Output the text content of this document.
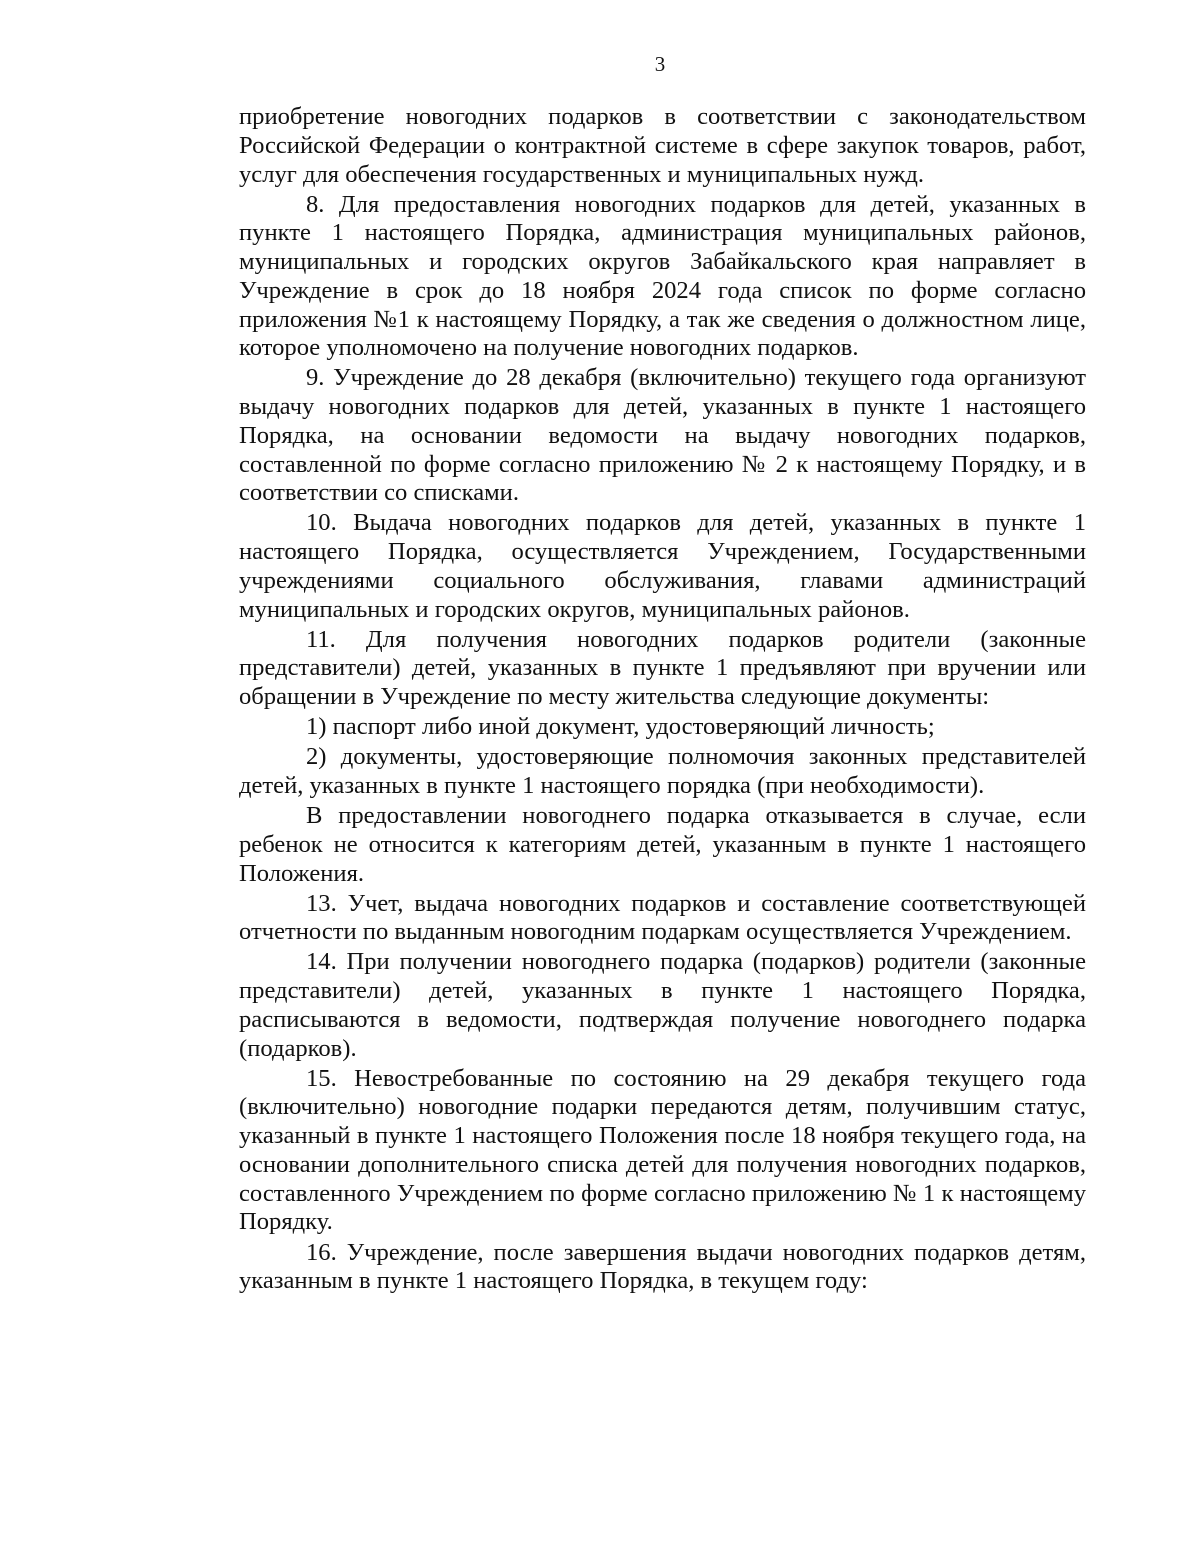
3

приобретение новогодних подарков в соответствии с законодательством Российской Федерации о контрактной системе в сфере закупок товаров, работ, услуг для обеспечения государственных и муниципальных нужд.

8. Для предоставления новогодних подарков для детей, указанных в пункте 1 настоящего Порядка, администрация муниципальных районов, муниципальных и городских округов Забайкальского края направляет в Учреждение в срок до 18 ноября 2024 года список по форме согласно приложения №1 к настоящему Порядку, а так же сведения о должностном лице, которое уполномочено на получение новогодних подарков.

9. Учреждение до 28 декабря (включительно) текущего года организуют выдачу новогодних подарков для детей, указанных в пункте 1 настоящего Порядка, на основании ведомости на выдачу новогодних подарков, составленной по форме согласно приложению № 2 к настоящему Порядку, и в соответствии со списками.

10. Выдача новогодних подарков для детей, указанных в пункте 1 настоящего Порядка, осуществляется Учреждением, Государственными учреждениями социального обслуживания, главами администраций муниципальных и городских округов, муниципальных районов.

11. Для получения новогодних подарков родители (законные представители) детей, указанных в пункте 1 предъявляют при вручении или обращении в Учреждение по месту жительства следующие документы:

1) паспорт либо иной документ, удостоверяющий личность;

2) документы, удостоверяющие полномочия законных представителей детей, указанных в пункте 1 настоящего порядка (при необходимости).

В предоставлении новогоднего подарка отказывается в случае, если ребенок не относится к категориям детей, указанным в пункте 1 настоящего Положения.

13. Учет, выдача новогодних подарков и составление соответствующей отчетности по выданным новогодним подаркам осуществляется Учреждением.

14. При получении новогоднего подарка (подарков) родители (законные представители) детей, указанных в пункте 1 настоящего Порядка, расписываются в ведомости, подтверждая получение новогоднего подарка (подарков).

15. Невостребованные по состоянию на 29 декабря текущего года (включительно) новогодние подарки передаются детям, получившим статус, указанный в пункте 1 настоящего Положения после 18 ноября текущего года, на основании дополнительного списка детей для получения новогодних подарков, составленного Учреждением по форме согласно приложению № 1 к настоящему Порядку.

16. Учреждение, после завершения выдачи новогодних подарков детям, указанным в пункте 1 настоящего Порядка, в текущем году:
